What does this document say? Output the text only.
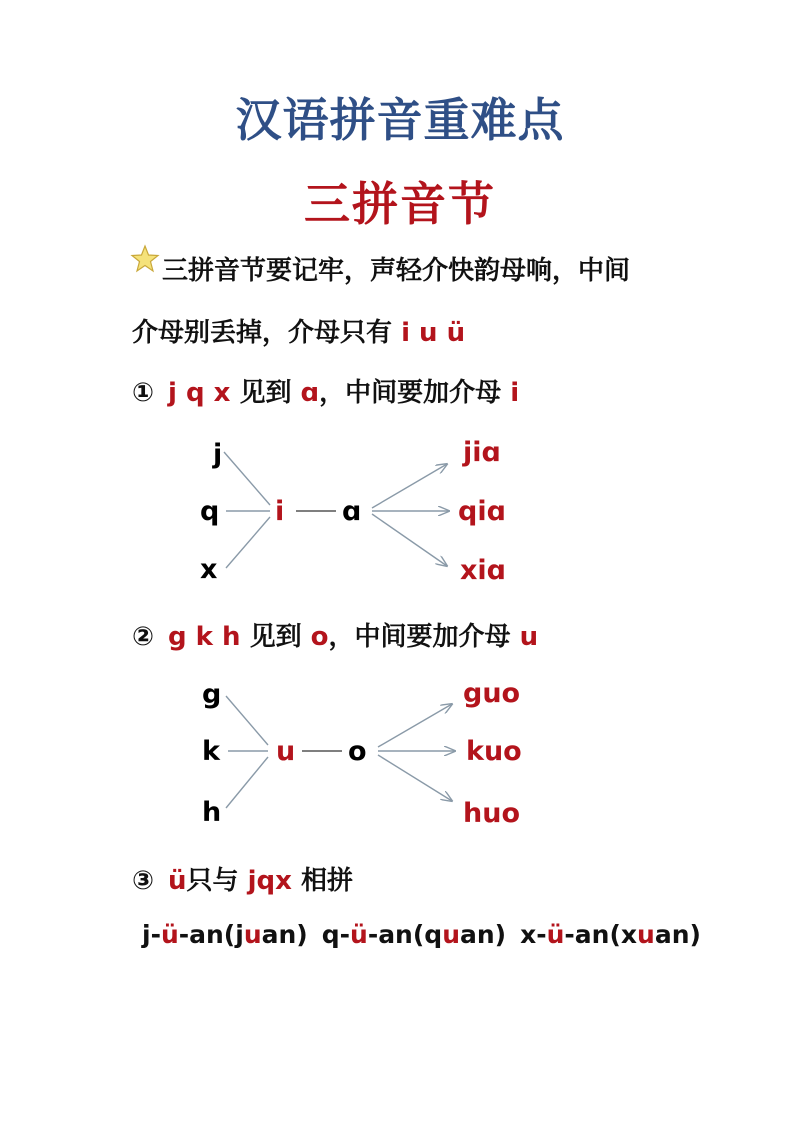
汉语拼音重难点
三拼音节
三拼音节要记牢，声轻介快韵母响，中间
介母别丢掉，介母只有 i u ü
① j q x 见到 ɑ，中间要加介母 i
j
q
x
i ɑ
jiɑ
qiɑ
xiɑ
② g k h 见到 o，中间要加介母 u
g
k
h
u o
guo
kuo
huo
③ ü只与 jqx 相拼
j-ü-an(juan) q-ü-an(quan) x-ü-an(xuan)
